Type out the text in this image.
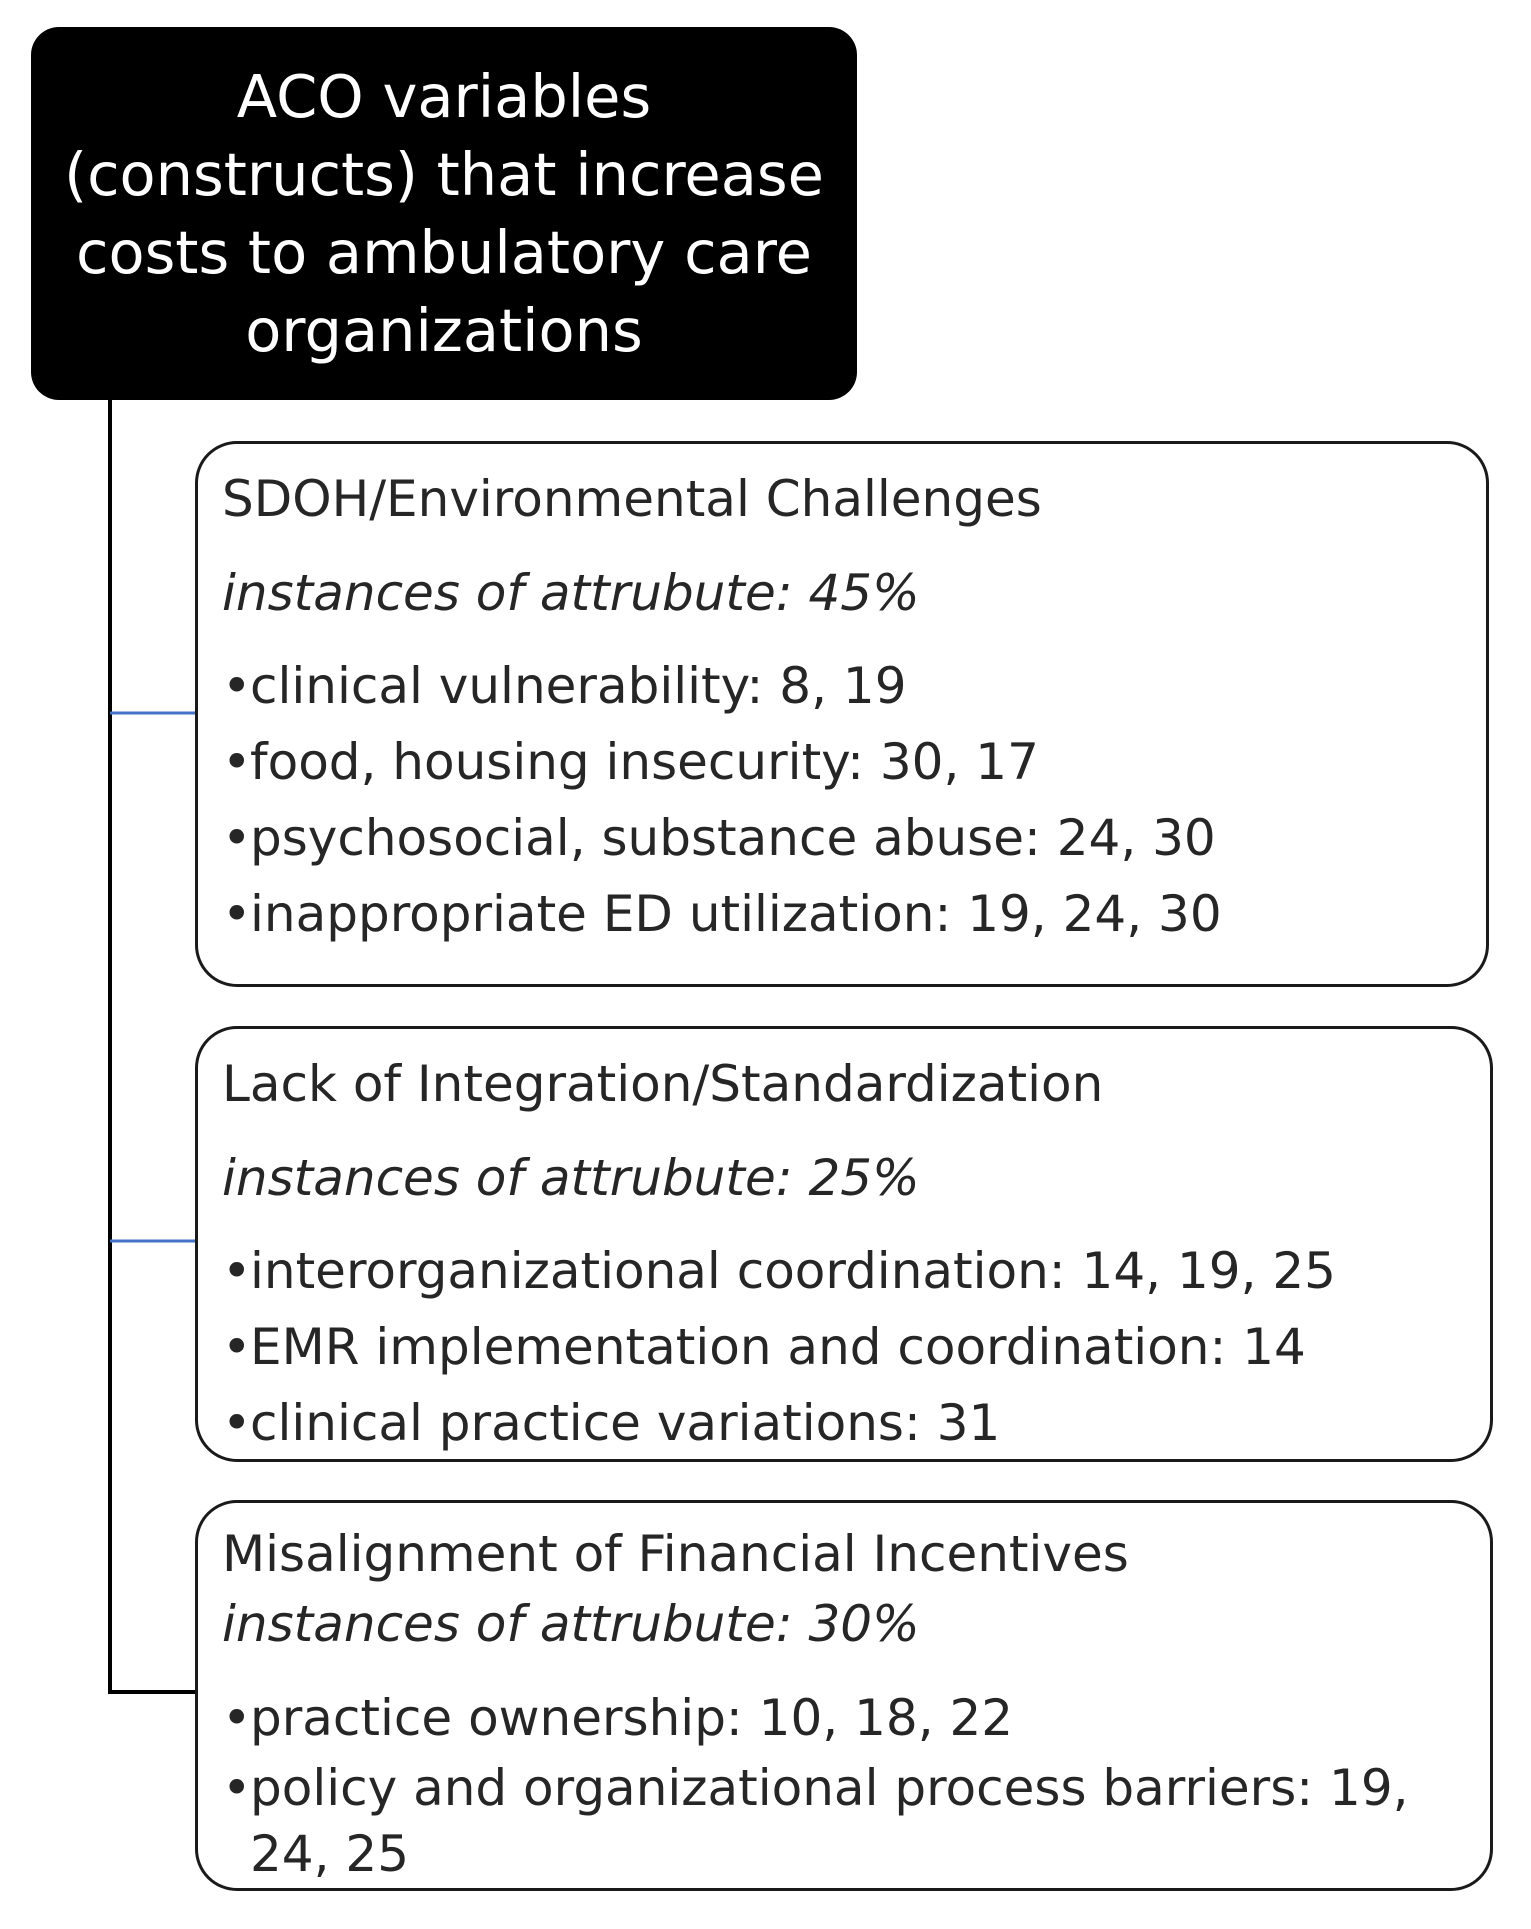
ACO variables (constructs) that increase costs to ambulatory care organizations
SDOH/Environmental Challenges
instances of attrubute: 45%
•clinical vulnerability: 8, 19
•food, housing insecurity: 30, 17
•psychosocial, substance abuse: 24, 30
•inappropriate ED utilization: 19, 24, 30
Lack of Integration/Standardization
instances of attrubute: 25%
•interorganizational coordination: 14, 19, 25
•EMR implementation and coordination: 14
•clinical practice variations: 31
Misalignment of Financial Incentives
instances of attrubute: 30%
•practice ownership: 10, 18, 22
•policy and organizational process barriers: 19, 24, 25
